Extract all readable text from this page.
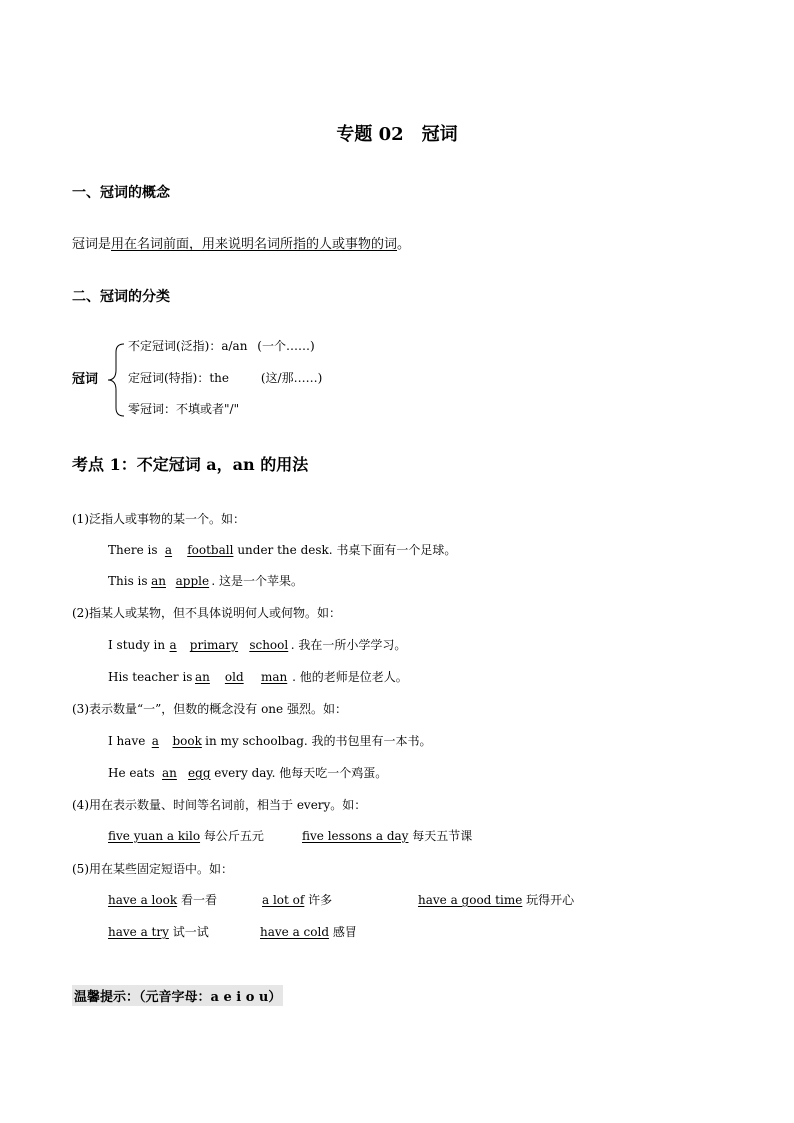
专题 02　冠词
一、冠词的概念
冠词是用在名词前面，用来说明名词所指的人或事物的词。
二、冠词的分类
冠词
不定冠词(泛指)：a/an (一个……)
定冠词(特指)：the	(这/那……)
零冠词：不填或者"/"
考点 1：不定冠词 a，an 的用法
(1)泛指人或事物的某一个。如：
There is a football under the desk. 书桌下面有一个足球。
This is an apple . 这是一个苹果。
(2)指某人或某物，但不具体说明何人或何物。如：
I study in a primary school . 我在一所小学学习。
His teacher is an old man . 他的老师是位老人。
(3)表示数量“一”，但数的概念没有 one 强烈。如：
I have a book in my schoolbag. 我的书包里有一本书。
He eats an egg every day. 他每天吃一个鸡蛋。
(4)用在表示数量、时间等名词前，相当于 every。如：
five yuan a kilo 每公斤五元	five lessons a day 每天五节课
(5)用在某些固定短语中。如：
have a look 看一看	a lot of 许多	have a good time 玩得开心
have a try 试一试	have a cold 感冒
温馨提示：（元音字母：a e i o u）
